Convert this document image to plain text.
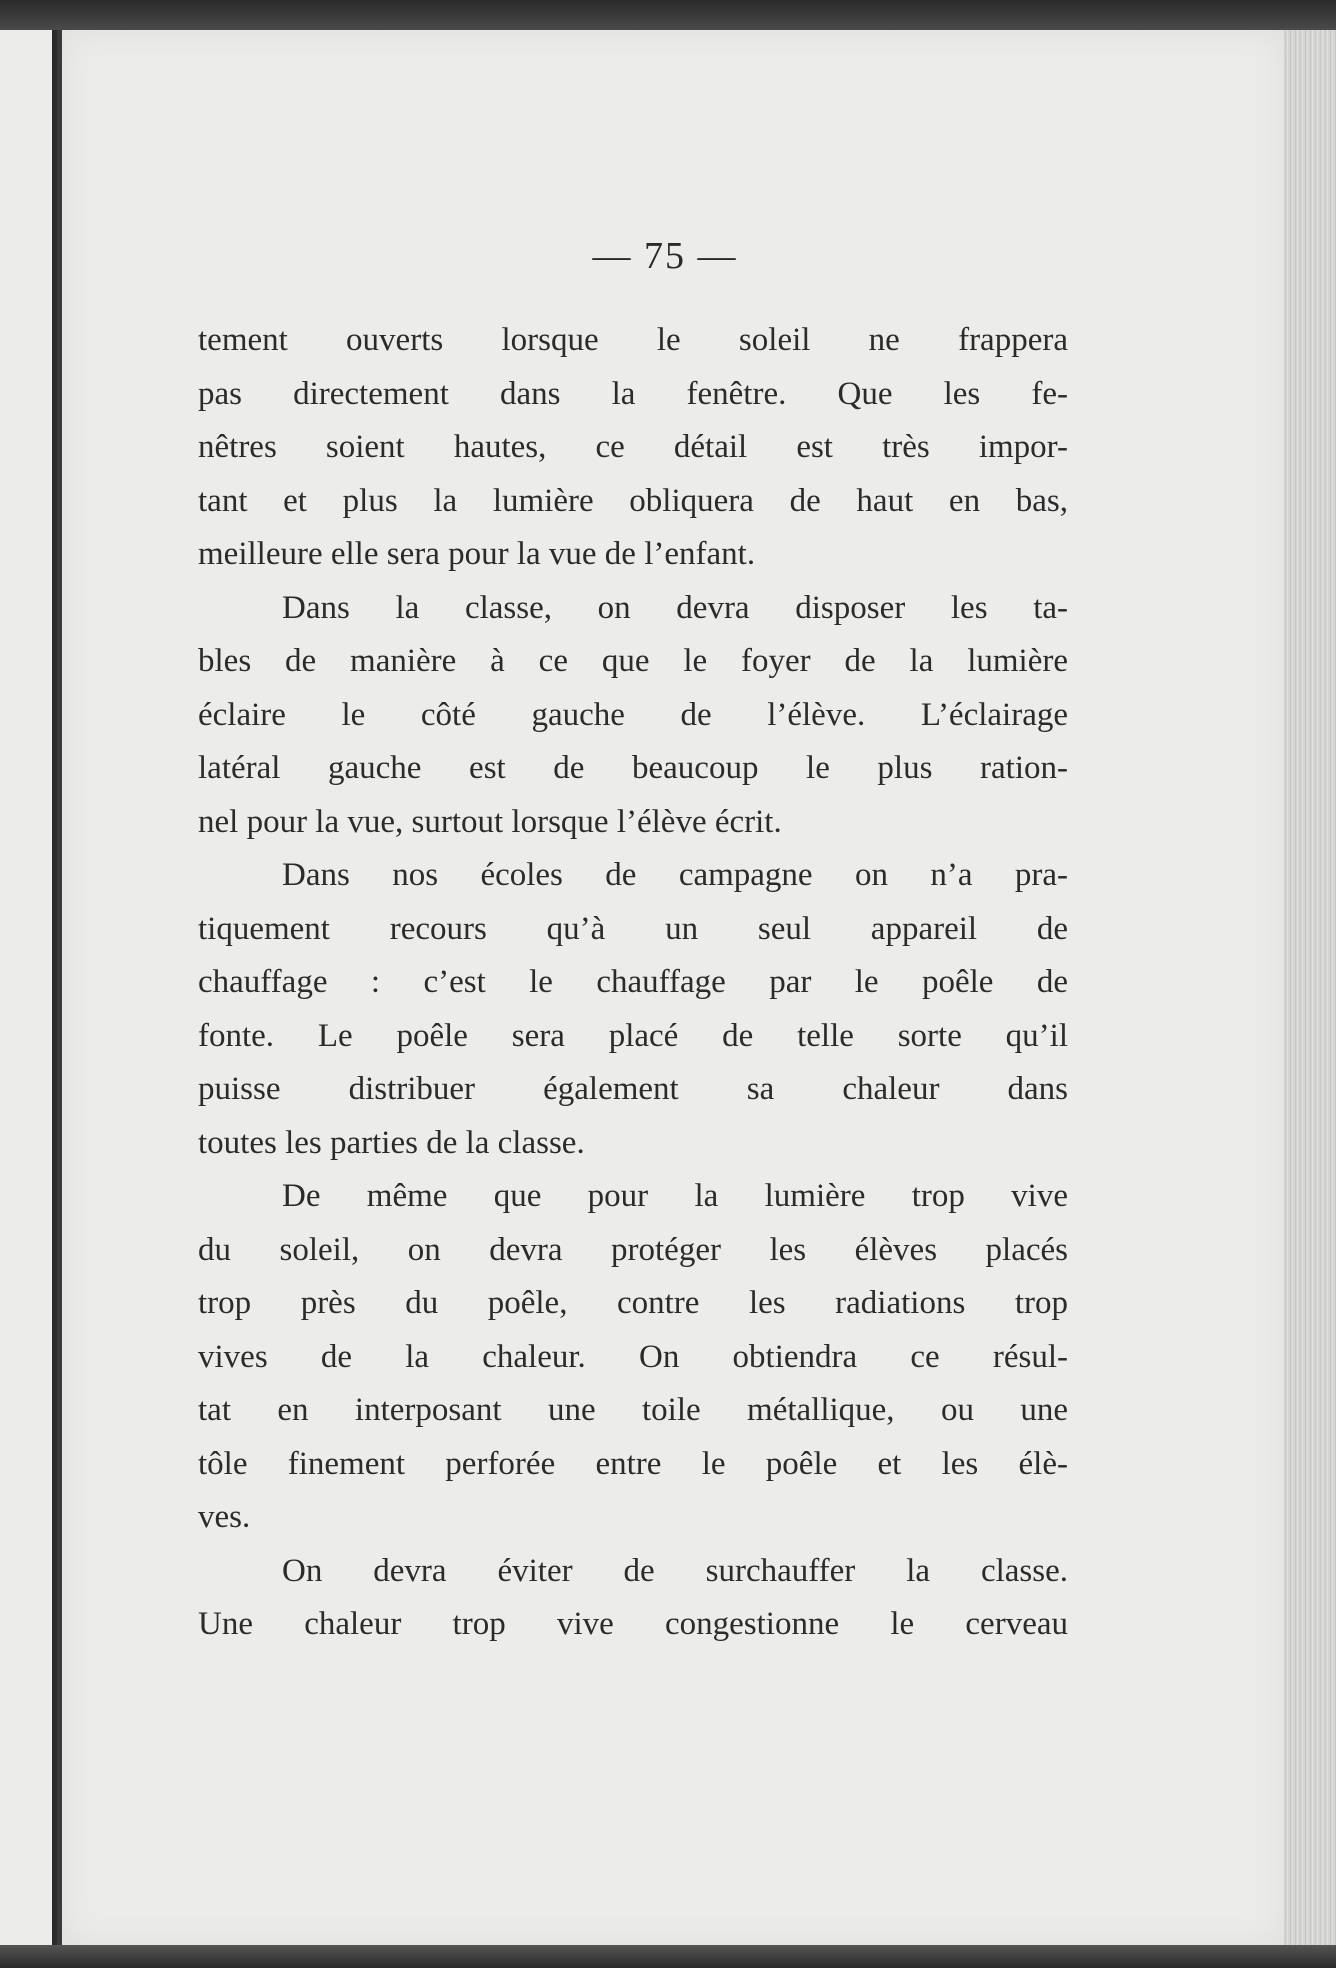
— 75 —
tement ouverts lorsque le soleil ne frappera
pas directement dans la fenêtre. Que les fe-
nêtres soient hautes, ce détail est très impor-
tant et plus la lumière obliquera de haut en bas,
meilleure elle sera pour la vue de l’enfant.
Dans la classe, on devra disposer les ta-
bles de manière à ce que le foyer de la lumière
éclaire le côté gauche de l’élève. L’éclairage
latéral gauche est de beaucoup le plus ration-
nel pour la vue, surtout lorsque l’élève écrit.
Dans nos écoles de campagne on n’a pra-
tiquement recours qu’à un seul appareil de
chauffage : c’est le chauffage par le poêle de
fonte. Le poêle sera placé de telle sorte qu’il
puisse distribuer également sa chaleur dans
toutes les parties de la classe.
De même que pour la lumière trop vive
du soleil, on devra protéger les élèves placés
trop près du poêle, contre les radiations trop
vives de la chaleur. On obtiendra ce résul-
tat en interposant une toile métallique, ou une
tôle finement perforée entre le poêle et les élè-
ves.
On devra éviter de surchauffer la classe.
Une chaleur trop vive congestionne le cerveau
